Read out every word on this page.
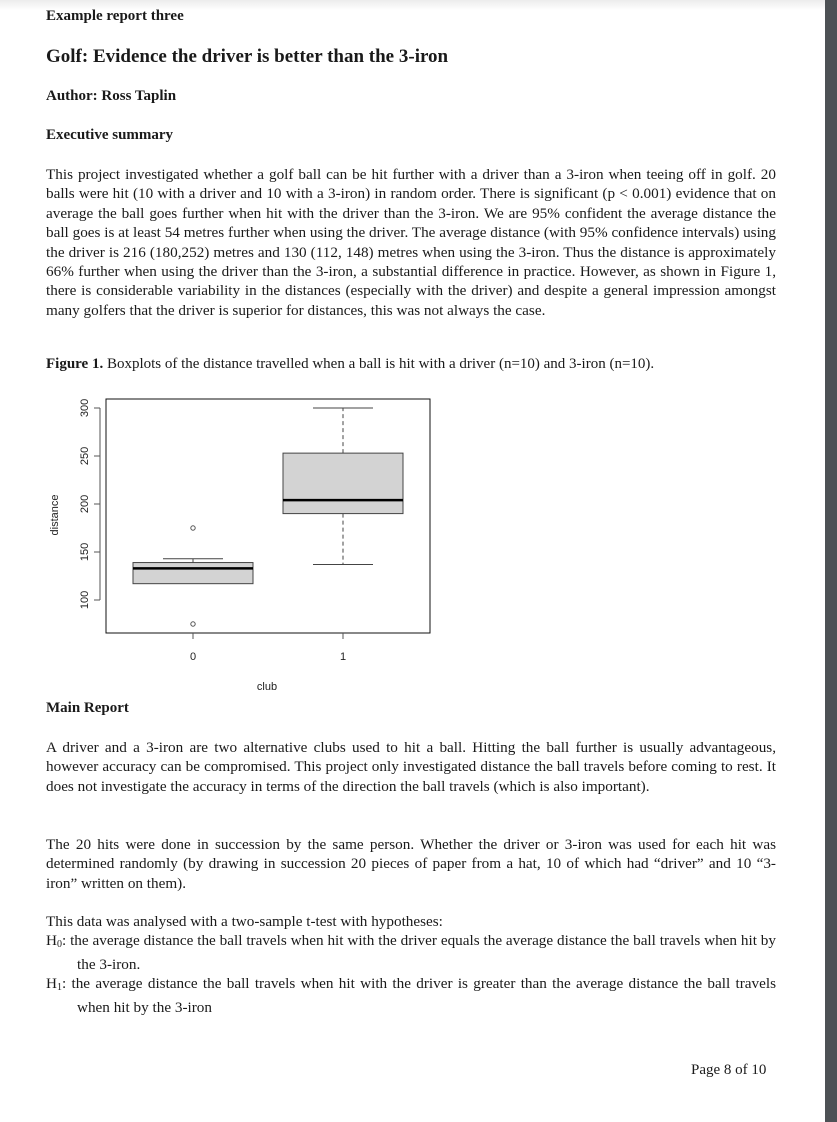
Example report three
Golf: Evidence the driver is better than the 3-iron
Author: Ross Taplin
Executive summary
This project investigated whether a golf ball can be hit further with a driver than a 3-iron when teeing off in golf. 20 balls were hit (10 with a driver and 10 with a 3-iron) in random order. There is significant (p < 0.001) evidence that on average the ball goes further when hit with the driver than the 3-iron. We are 95% confident the average distance the ball goes is at least 54 metres further when using the driver. The average distance (with 95% confidence intervals) using the driver is 216 (180,252) metres and 130 (112, 148) metres when using the 3-iron. Thus the distance is approximately 66% further when using the driver than the 3-iron, a substantial difference in practice. However, as shown in Figure 1, there is considerable variability in the distances (especially with the driver) and despite a general impression amongst many golfers that the driver is superior for distances, this was not always the case.
Figure 1. Boxplots of the distance travelled when a ball is hit with a driver (n=10) and 3-iron (n=10).
Main Report
A driver and a 3-iron are two alternative clubs used to hit a ball. Hitting the ball further is usually advantageous, however accuracy can be compromised. This project only investigated distance the ball travels before coming to rest. It does not investigate the accuracy in terms of the direction the ball travels (which is also important).
The 20 hits were done in succession by the same person. Whether the driver or 3-iron was used for each hit was determined randomly (by drawing in succession 20 pieces of paper from a hat, 10 of which had “driver” and 10 “3-iron” written on them).
This data was analysed with a two-sample t-test with hypotheses:
$H_0$: the average distance the ball travels when hit with the driver equals the average distance the ball travels when hit by the 3-iron.
$H_1$: the average distance the ball travels when hit with the driver is greater than the average distance the ball travels when hit by the 3-iron
Page 8 of 10
100
150
200
250
300
0	1
club
distance
